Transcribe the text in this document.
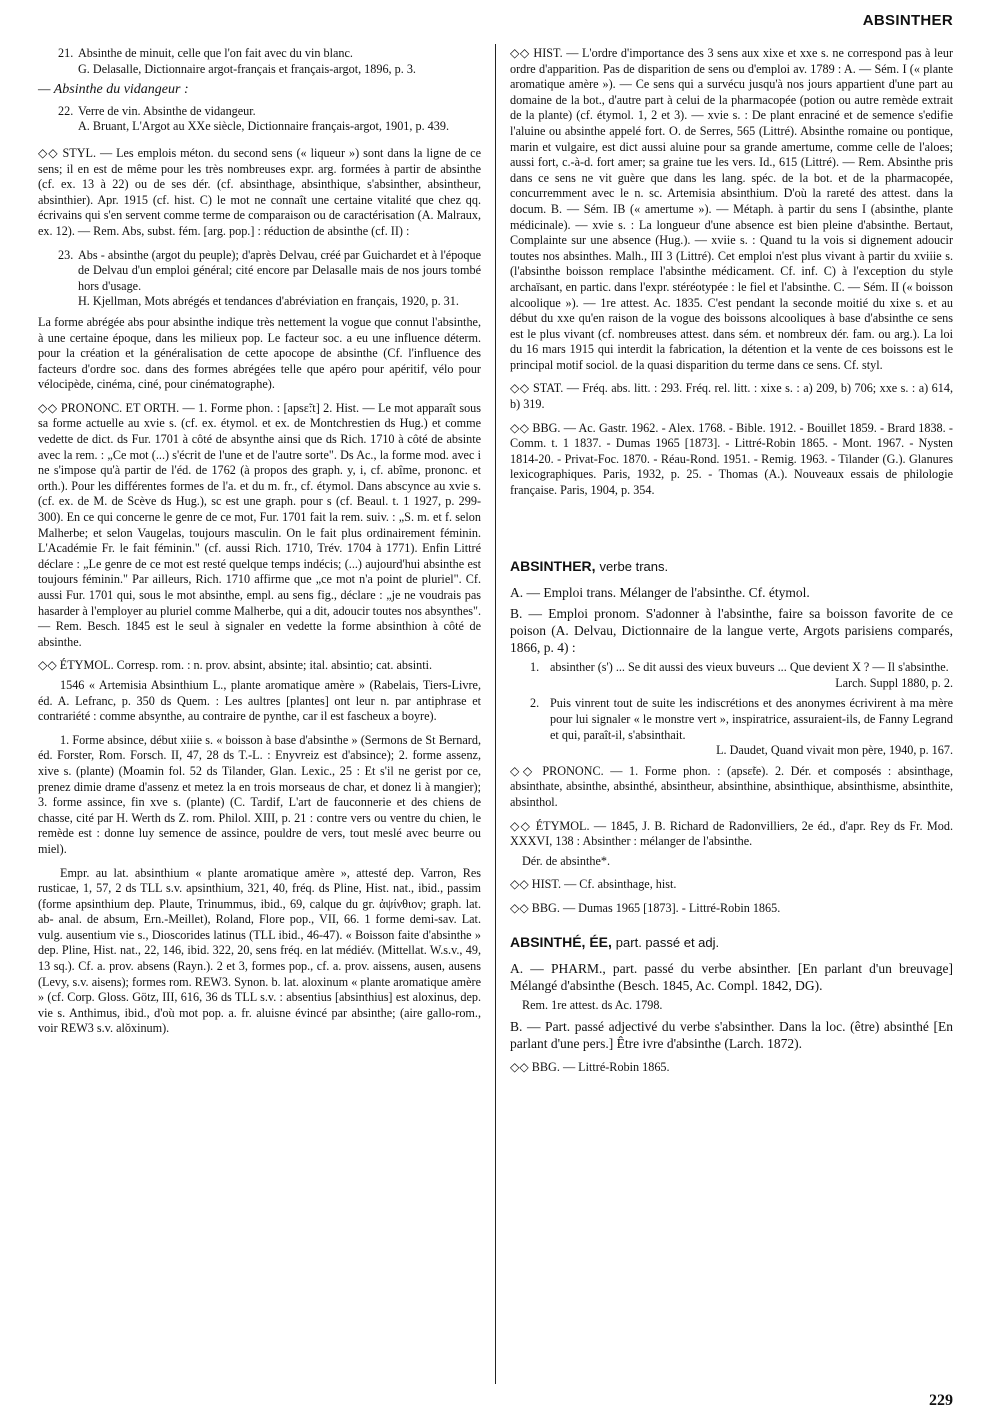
ABSINTHER
21. Absinthe de minuit, celle que l'on fait avec du vin blanc.
G. Delasalle, Dictionnaire argot-français et français-argot, 1896, p. 3.
— Absinthe du vidangeur :
22. Verre de vin. Absinthe de vidangeur.
A. Bruant, L'Argot au XXe siècle, Dictionnaire français-argot, 1901, p. 439.
◇◇ STYL. — Les emplois méton. du second sens (« liqueur ») sont dans la ligne de ce sens; il en est de même pour les très nombreuses expr. arg. formées à partir de absinthe (cf. ex. 13 à 22) ou de ses dér. (cf. absinthage, absinthique, s'absinther, absintheur, absinthier). Apr. 1915 (cf. hist. C) le mot ne connaît une certaine vitalité que chez qq. écrivains qui s'en servent comme terme de comparaison ou de caractérisation (A. Malraux, ex. 12). — Rem. Abs, subst. fém. [arg. pop.] : réduction de absinthe (cf. II) :
23. Abs - absinthe (argot du peuple); d'après Delvau, créé par Guichardet et à l'époque de Delvau d'un emploi général; cité encore par Delasalle mais de nos jours tombé hors d'usage.
H. Kjellman, Mots abrégés et tendances d'abréviation en français, 1920, p. 31.
La forme abrégée abs pour absinthe indique très nettement la vogue que connut l'absinthe, à une certaine époque, dans les milieux pop. Le facteur soc. a eu une influence déterm. pour la création et la généralisation de cette apocope de absinthe (Cf. l'influence des facteurs d'ordre soc. dans des formes abrégées telle que apéro pour apéritif, vélo pour vélocipède, cinéma, ciné, pour cinématographe).
◇◇ PRONONC. ET ORTH. — 1. Forme phon. : [apsɛ̃:t] 2. Hist. — Le mot apparaît sous sa forme actuelle au xvie s. (cf. ex. étymol. et ex. de Montchrestien ds Hug.) et comme vedette de dict. ds Fur. 1701 à côté de absynthe ainsi que ds Rich. 1710 à côté de absinte avec la rem. : „Ce mot (...) s'écrit de l'une et de l'autre sorte". Ds Ac., la forme mod. avec i ne s'impose qu'à partir de l'éd. de 1762 (à propos des graph. y, i, cf. abîme, prononc. et orth.). Pour les différentes formes de l'a. et du m. fr., cf. étymol. Dans abscynce au xvie s. (cf. ex. de M. de Scève ds Hug.), sc est une graph. pour s (cf. Beaul. t. 1 1927, p. 299-300). En ce qui concerne le genre de ce mot, Fur. 1701 fait la rem. suiv. : „S. m. et f. selon Malherbe; et selon Vaugelas, toujours masculin. On le fait plus ordinairement féminin. L'Académie Fr. le fait féminin." (cf. aussi Rich. 1710, Trév. 1704 à 1771). Enfin Littré déclare : „Le genre de ce mot est resté quelque temps indécis; (...) aujourd'hui absinthe est toujours féminin." Par ailleurs, Rich. 1710 affirme que „ce mot n'a point de pluriel". Cf. aussi Fur. 1701 qui, sous le mot absinthe, empl. au sens fig., déclare : „je ne voudrais pas hasarder à l'employer au pluriel comme Malherbe, qui a dit, adoucir toutes nos absynthes". — Rem. Besch. 1845 est le seul à signaler en vedette la forme absinthion à côté de absinthe.
◇◇ ÉTYMOL. Corresp. rom. : n. prov. absint, absinte; ital. absintio; cat. absinti.
1546 « Artemisia Absinthium L., plante aromatique amère » (Rabelais, Tiers-Livre, éd. A. Lefranc, p. 350 ds Quem. : Les aultres [plantes] ont leur n. par antiphrase et contrariété : comme absynthe, au contraire de pynthe, car il est fascheux a boyre).
1. Forme absince, début xiiie s. « boisson à base d'absinthe » (Sermons de St Bernard, éd. Forster, Rom. Forsch. II, 47, 28 ds T.-L. : Enyvreiz est d'absince); 2. forme assenz, xive s. (plante) (Moamin fol. 52 ds Tilander, Glan. Lexic., 25 : Et s'il ne gerist por ce, prenez dimie drame d'assenz et metez la en trois morseaus de char, et donez li à mangier); 3. forme assince, fin xve s. (plante) (C. Tardif, L'art de fauconnerie et des chiens de chasse, cité par H. Werth ds Z. rom. Philol. XIII, p. 21 : contre vers ou ventre du chien, le remède est : donne luy semence de assince, pouldre de vers, tout meslé avec beurre ou miel).
Empr. au lat. absinthium « plante aromatique amère », attesté dep. Varron, Res rusticae, 1, 57, 2 ds TLL s.v. apsinthium, 321, 40, fréq. ds Pline, Hist. nat., ibid., passim (forme apsinthium dep. Plaute, Trinummus, ibid., 69, calque du gr. ἀψίνθιον; graph. lat. ab- anal. de absum, Ern.-Meillet), Roland, Flore pop., VII, 66. 1 forme demi-sav. Lat. vulg. ausentium vie s., Dioscorides latinus (TLL ibid., 46-47). « Boisson faite d'absinthe » dep. Pline, Hist. nat., 22, 146, ibid. 322, 20, sens fréq. en lat médiév. (Mittellat. W.s.v., 49, 13 sq.). Cf. a. prov. absens (Rayn.). 2 et 3, formes pop., cf. a. prov. aissens, ausen, ausens (Levy, s.v. aisens); formes rom. REW3. Synon. b. lat. aloxinum « plante aromatique amère » (cf. Corp. Gloss. Götz, III, 616, 36 ds TLL s.v. : absentius [absinthius] est aloxinus, dep. vie s. Anthimus, ibid., d'où mot pop. a. fr. aluisne évincé par absinthe; (aire gallo-rom., voir REW3 s.v. alŏxinum).
◇◇ HIST. — L'ordre d'importance des 3 sens aux xixe et xxe s. ne correspond pas à leur ordre d'apparition. Pas de disparition de sens ou d'emploi av. 1789 : A. — Sém. I (« plante aromatique amère »). — Ce sens qui a survécu jusqu'à nos jours appartient d'une part au domaine de la bot., d'autre part à celui de la pharmacopée (potion ou autre remède extrait de la plante) (cf. étymol. 1, 2 et 3). — xvie s. : De plant enraciné et de semence s'edifie l'aluine ou absinthe appelé fort. O. de Serres, 565 (Littré). Absinthe romaine ou pontique, marin et vulgaire, est dict aussi aluine pour sa grande amertume, comme celle de l'aloes; aussi fort, c.-à-d. fort amer; sa graine tue les vers. Id., 615 (Littré). — Rem. Absinthe pris dans ce sens ne vit guère que dans les lang. spéc. de la bot. et de la pharmacopée, concurremment avec le n. sc. Artemisia absinthium. D'où la rareté des attest. dans la docum. B. — Sém. IB (« amertume »). — Métaph. à partir du sens I (absinthe, plante médicinale). — xvie s. : La longueur d'une absence est bien pleine d'absinthe. Bertaut, Complainte sur une absence (Hug.). — xviie s. : Quand tu la vois si dignement adoucir toutes nos absinthes. Malh., III 3 (Littré). Cet emploi n'est plus vivant à partir du xviiie s. (l'absinthe boisson remplace l'absinthe médicament. Cf. inf. C) à l'exception du style archaïsant, en partic. dans l'expr. stéréotypée : le fiel et l'absinthe. C. — Sém. II (« boisson alcoolique »). — 1re attest. Ac. 1835. C'est pendant la seconde moitié du xixe s. et au début du xxe qu'en raison de la vogue des boissons alcooliques à base d'absinthe ce sens est le plus vivant (cf. nombreuses attest. dans sém. et nombreux dér. fam. ou arg.). La loi du 16 mars 1915 qui interdit la fabrication, la détention et la vente de ces boissons est le principal motif sociol. de la quasi disparition du terme dans ce sens. Cf. styl.
◇◇ STAT. — Fréq. abs. litt. : 293. Fréq. rel. litt. : xixe s. : a) 209, b) 706; xxe s. : a) 614, b) 319.
◇◇ BBG. — Ac. Gastr. 1962. - Alex. 1768. - Bible. 1912. - Bouillet 1859. - Brard 1838. - Comm. t. 1 1837. - Dumas 1965 [1873]. - Littré-Robin 1865. - Mont. 1967. - Nysten 1814-20. - Privat-Foc. 1870. - Réau-Rond. 1951. - Remig. 1963. - Tilander (G.). Glanures lexicographiques. Paris, 1932, p. 25. - Thomas (A.). Nouveaux essais de philologie française. Paris, 1904, p. 354.
ABSINTHER, verbe trans.
A. — Emploi trans. Mélanger de l'absinthe. Cf. étymol.
B. — Emploi pronom. S'adonner à l'absinthe, faire sa boisson favorite de ce poison (A. Delvau, Dictionnaire de la langue verte, Argots parisiens comparés, 1866, p. 4) :
1. absinther (s') ... Se dit aussi des vieux buveurs ... Que devient X ? — Il s'absinthe.
Larch. Suppl 1880, p. 2.
2. Puis vinrent tout de suite les indiscrétions et des anonymes écrivirent à ma mère pour lui signaler « le monstre vert », inspiratrice, assuraient-ils, de Fanny Legrand et qui, paraît-il, s'absinthait.
L. Daudet, Quand vivait mon père, 1940, p. 167.
◇◇ PRONONC. — 1. Forme phon. : (apsɛ̃te). 2. Dér. et composés : absinthage, absinthate, absinthe, absinthé, absintheur, absinthine, absinthique, absinthisme, absinthite, absinthol.
◇◇ ÉTYMOL. — 1845, J. B. Richard de Radonvilliers, 2e éd., d'apr. Rey ds Fr. Mod. XXXVI, 138 : Absinther : mélanger de l'absinthe.
Dér. de absinthe*.
◇◇ HIST. — Cf. absinthage, hist.
◇◇ BBG. — Dumas 1965 [1873]. - Littré-Robin 1865.
ABSINTHÉ, ÉE, part. passé et adj.
A. — PHARM., part. passé du verbe absinther. [En parlant d'un breuvage] Mélangé d'absinthe (Besch. 1845, Ac. Compl. 1842, DG).
Rem. 1re attest. ds Ac. 1798.
B. — Part. passé adjectivé du verbe s'absinther. Dans la loc. (être) absinthé [En parlant d'une pers.] Être ivre d'absinthe (Larch. 1872).
◇◇ BBG. — Littré-Robin 1865.
229
